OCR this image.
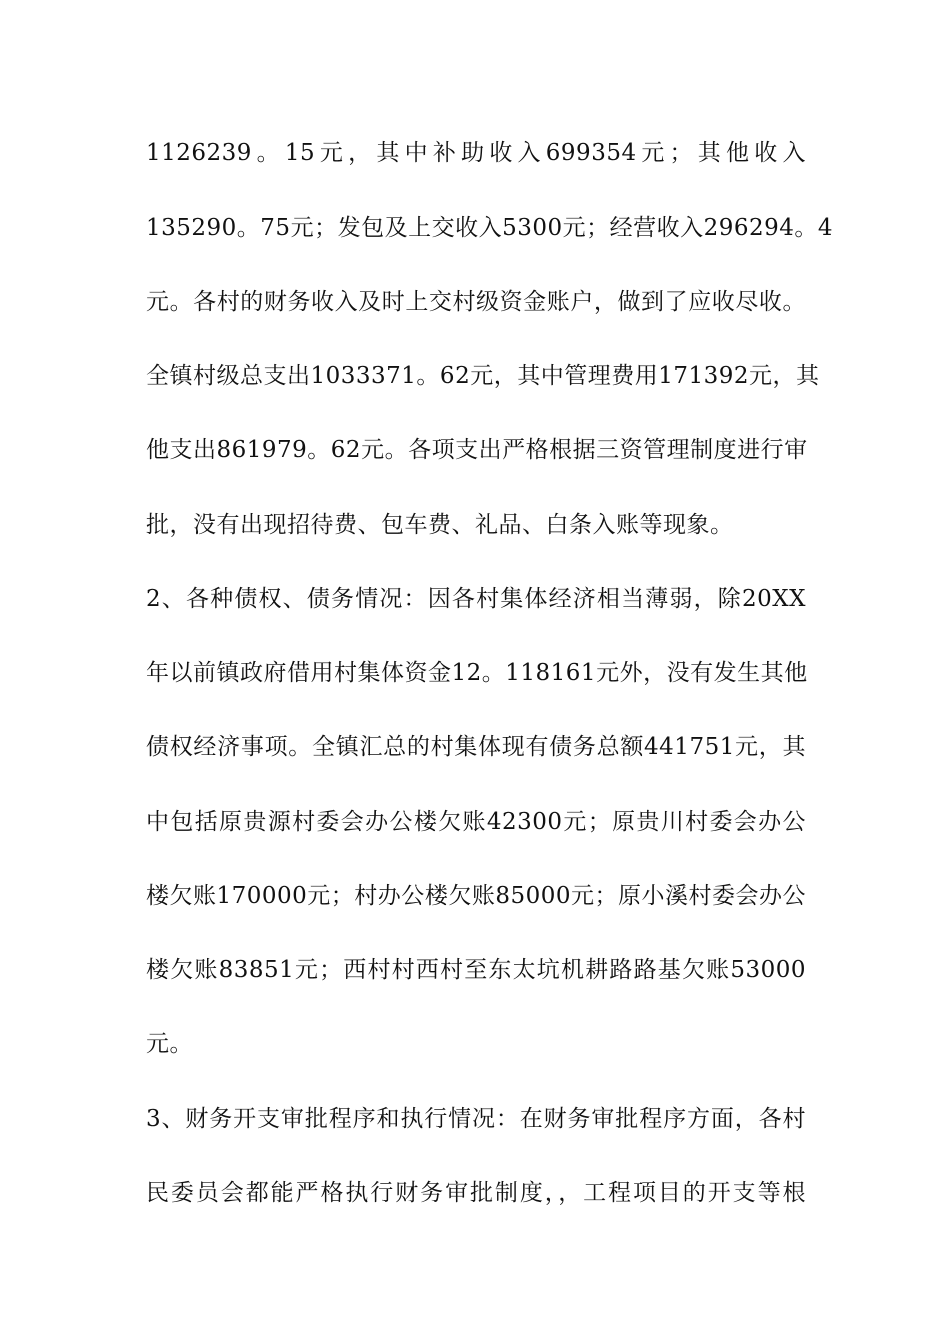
1126239。15元，其中补助收入699354元；其他收入
135290。75元；发包及上交收入5300元；经营收入296294。4
元。各村的财务收入及时上交村级资金账户，做到了应收尽收。
全镇村级总支出1033371。62元，其中管理费用171392元，其
他支出861979。62元。各项支出严格根据三资管理制度进行审
批，没有出现招待费、包车费、礼品、白条入账等现象。
2、各种债权、债务情况：因各村集体经济相当薄弱，除20XX
年以前镇政府借用村集体资金12。118161元外，没有发生其他
债权经济事项。全镇汇总的村集体现有债务总额441751元，其
中包括原贵源村委会办公楼欠账42300元；原贵川村委会办公
楼欠账170000元；村办公楼欠账85000元；原小溪村委会办公
楼欠账83851元；西村村西村至东太坑机耕路路基欠账53000
元。
3、财务开支审批程序和执行情况：在财务审批程序方面，各村
民委员会都能严格执行财务审批制度，，工程项目的开支等根
